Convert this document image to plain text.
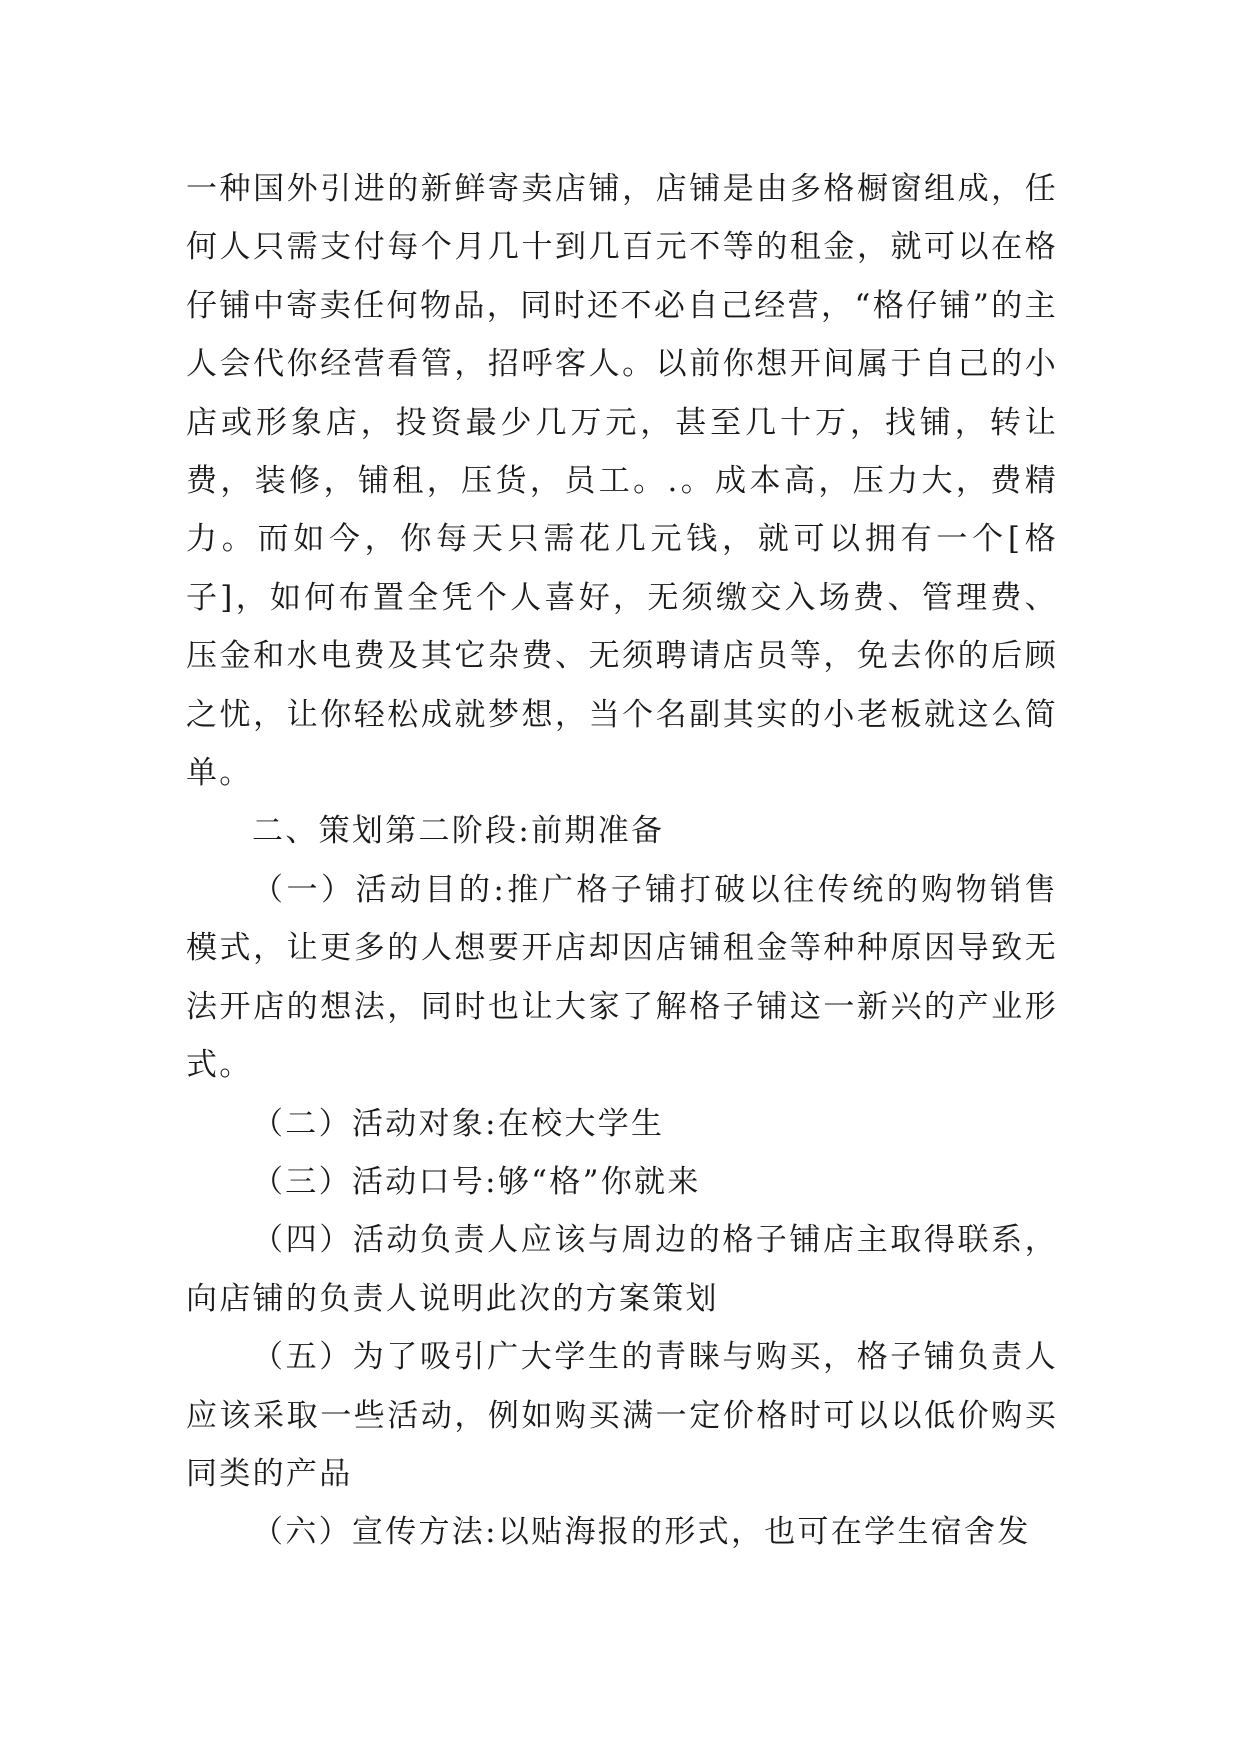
一种国外引进的新鲜寄卖店铺，店铺是由多格橱窗组成，任何人只需支付每个月几十到几百元不等的租金，就可以在格仔铺中寄卖任何物品，同时还不必自己经营，“格仔铺”的主人会代你经营看管，招呼客人。以前你想开间属于自己的小店或形象店，投资最少几万元，甚至几十万，找铺，转让费，装修，铺租，压货，员工。.。成本高，压力大，费精力。而如今，你每天只需花几元钱，就可以拥有一个[格子]，如何布置全凭个人喜好，无须缴交入场费、管理费、压金和水电费及其它杂费、无须聘请店员等，免去你的后顾之忧，让你轻松成就梦想，当个名副其实的小老板就这么简单。

二、策划第二阶段:前期准备

（一）活动目的:推广格子铺打破以往传统的购物销售模式，让更多的人想要开店却因店铺租金等种种原因导致无法开店的想法，同时也让大家了解格子铺这一新兴的产业形式。

（二）活动对象:在校大学生

（三）活动口号:够“格”你就来

（四）活动负责人应该与周边的格子铺店主取得联系，向店铺的负责人说明此次的方案策划

（五）为了吸引广大学生的青睐与购买，格子铺负责人应该采取一些活动，例如购买满一定价格时可以以低价购买同类的产品

（六）宣传方法:以贴海报的形式，也可在学生宿舍发
